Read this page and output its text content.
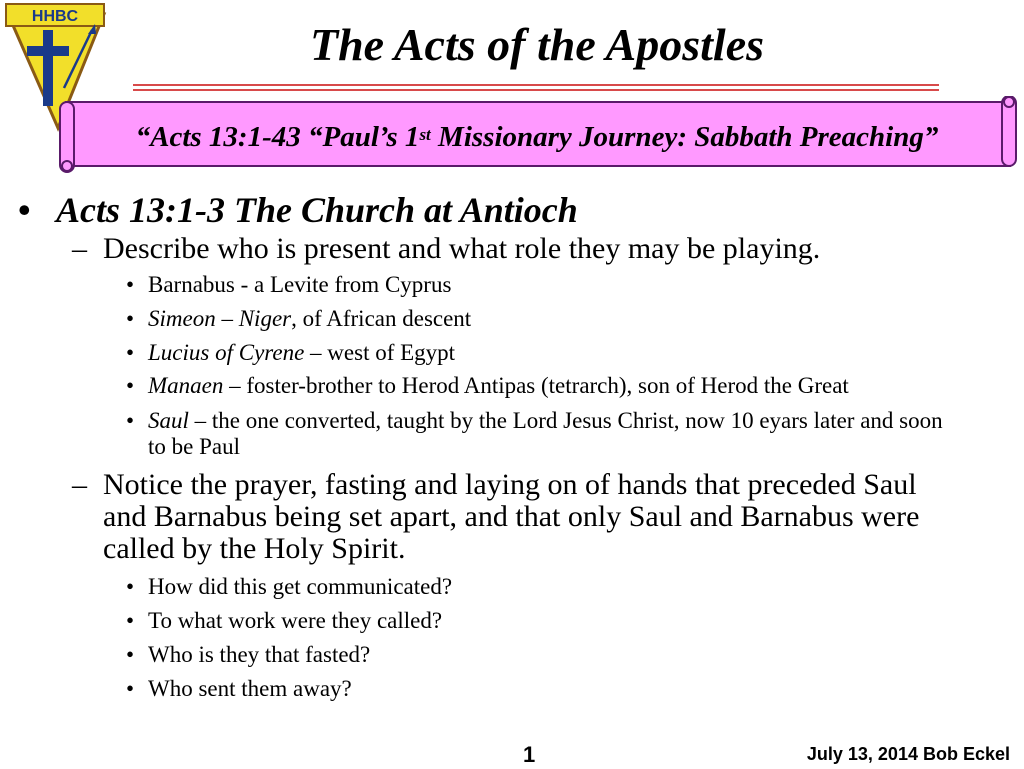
HHBC
The Acts of the Apostles
“Acts 13:1-43 “Paul’s 1st Missionary Journey: Sabbath Preaching”

• Acts 13:1-3 The Church at Antioch

– Describe who is present and what role they may be playing.

• Barnabus - a Levite from Cyprus

• Simeon – Niger, of African descent

• Lucius of Cyrene – west of Egypt

• Manaen – foster-brother to Herod Antipas (tetrarch), son of Herod the Great

• Saul – the one converted, taught by the Lord Jesus Christ, now 10 eyars later and soon to be Paul

– Notice the prayer, fasting and laying on of hands that preceded Saul and Barnabus being set apart, and that only Saul and Barnabus were called by the Holy Spirit.

• How did this get communicated?

• To what work were they called?

• Who is they that fasted?

• Who sent them away?

1	July 13, 2014 Bob Eckel
